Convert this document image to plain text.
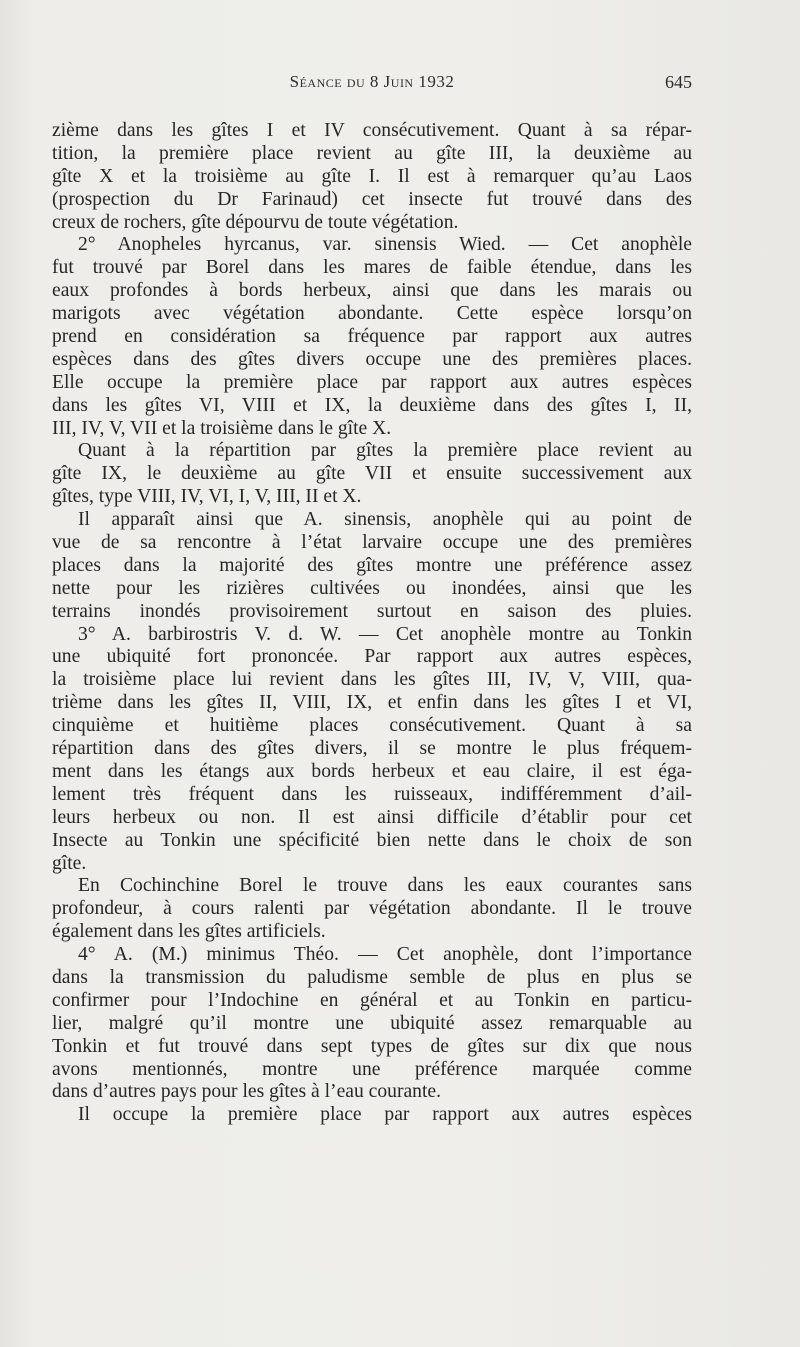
Séance du 8 Juin 1932	645
zième dans les gîtes I et IV consécutivement. Quant à sa répar-
tition, la première place revient au gîte III, la deuxième au
gîte X et la troisième au gîte I. Il est à remarquer qu’au Laos
(prospection du Dr Farinaud) cet insecte fut trouvé dans des
creux de rochers, gîte dépourvu de toute végétation.
2° Anopheles hyrcanus, var. sinensis Wied. — Cet anophèle
fut trouvé par Borel dans les mares de faible étendue, dans les
eaux profondes à bords herbeux, ainsi que dans les marais ou
marigots avec végétation abondante. Cette espèce lorsqu’on
prend en considération sa fréquence par rapport aux autres
espèces dans des gîtes divers occupe une des premières places.
Elle occupe la première place par rapport aux autres espèces
dans les gîtes VI, VIII et IX, la deuxième dans des gîtes I, II,
III, IV, V, VII et la troisième dans le gîte X.
Quant à la répartition par gîtes la première place revient au
gîte IX, le deuxième au gîte VII et ensuite successivement aux
gîtes, type VIII, IV, VI, I, V, III, II et X.
Il apparaît ainsi que A. sinensis, anophèle qui au point de
vue de sa rencontre à l’état larvaire occupe une des premières
places dans la majorité des gîtes montre une préférence assez
nette pour les rizières cultivées ou inondées, ainsi que les
terrains inondés provisoirement surtout en saison des pluies.
3° A. barbirostris V. d. W. — Cet anophèle montre au Tonkin
une ubiquité fort prononcée. Par rapport aux autres espèces,
la troisième place lui revient dans les gîtes III, IV, V, VIII, qua-
trième dans les gîtes II, VIII, IX, et enfin dans les gîtes I et VI,
cinquième et huitième places consécutivement. Quant à sa
répartition dans des gîtes divers, il se montre le plus fréquem-
ment dans les étangs aux bords herbeux et eau claire, il est éga-
lement très fréquent dans les ruisseaux, indifféremment d’ail-
leurs herbeux ou non. Il est ainsi difficile d’établir pour cet
Insecte au Tonkin une spécificité bien nette dans le choix de son
gîte.
En Cochinchine Borel le trouve dans les eaux courantes sans
profondeur, à cours ralenti par végétation abondante. Il le trouve
également dans les gîtes artificiels.
4° A. (M.) minimus Théo. — Cet anophèle, dont l’importance
dans la transmission du paludisme semble de plus en plus se
confirmer pour l’Indochine en général et au Tonkin en particu-
lier, malgré qu’il montre une ubiquité assez remarquable au
Tonkin et fut trouvé dans sept types de gîtes sur dix que nous
avons mentionnés, montre une préférence marquée comme
dans d’autres pays pour les gîtes à l’eau courante.
Il occupe la première place par rapport aux autres espèces
